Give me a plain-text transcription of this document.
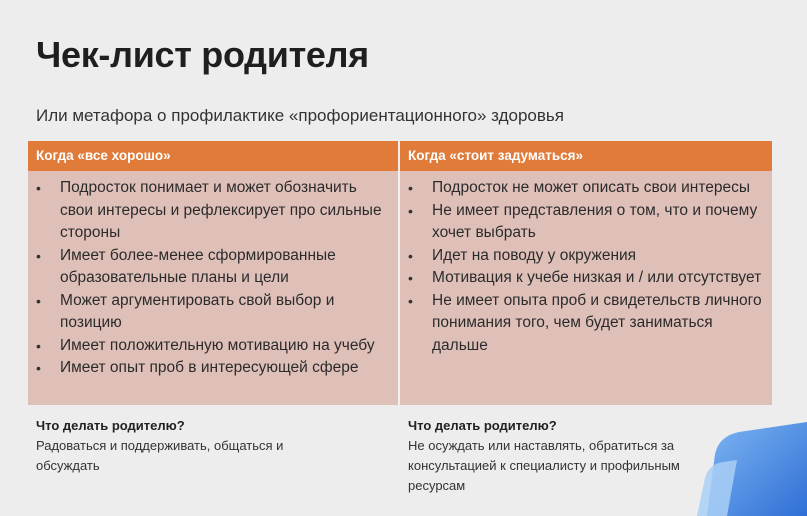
Чек-лист родителя
Или метафора о профилактике «профориентационного» здоровья
Когда «все хорошо»	Когда «стоит задуматься»
• Подросток понимает и может обозначить свои интересы и рефлексирует про сильные стороны
• Имеет более-менее сформированные образовательные планы и цели
• Может аргументировать свой выбор и позицию
• Имеет положительную мотивацию на учебу
• Имеет опыт проб в интересующей сфере
• Подросток не может описать свои интересы
• Не имеет представления о том, что и почему хочет выбрать
• Идет на поводу у окружения
• Мотивация к учебе низкая и / или отсутствует
• Не имеет опыта проб и свидетельств личного понимания того, чем будет заниматься дальше
Что делать родителю?
Радоваться и поддерживать, общаться и обсуждать
Что делать родителю?
Не осуждать или наставлять, обратиться за консультацией к специалисту и профильным ресурсам
